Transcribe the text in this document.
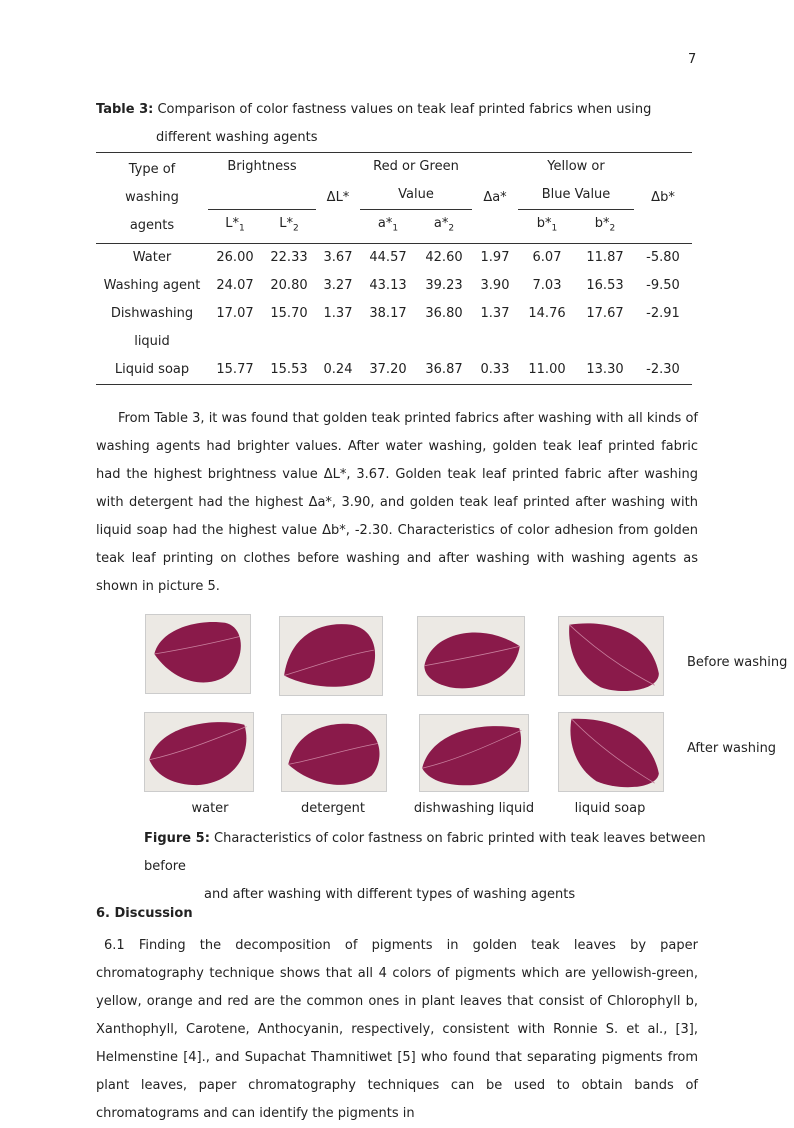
7
Table 3: Comparison of color fastness values on teak leaf printed fabrics when using
different washing agents
Type of
washing
agents	Brightness		ΔL*	Red or Green		Δa*	Yellow or		Δb*
				Value			Blue Value		
	$L*_1$	$L*_2$		$a*_1$	$a*_2$		$b*_1$	$b*_2$
Water	26.00	22.33	3.67	44.57	42.60	1.97	6.07	11.87	-5.80
Washing agent	24.07	20.80	3.27	43.13	39.23	3.90	7.03	16.53	-9.50
Dishwashing	17.07	15.70	1.37	38.17	36.80	1.37	14.76	17.67	-2.91
liquid									
Liquid soap	15.77	15.53	0.24	37.20	36.87	0.33	11.00	13.30	-2.30
From Table 3, it was found that golden teak printed fabrics after washing with all kinds of washing agents had brighter values. After water washing, golden teak leaf printed fabric had the highest brightness value ΔL*, 3.67. Golden teak leaf printed fabric after washing with detergent had the highest Δa*, 3.90, and golden teak leaf printed after washing with liquid soap had the highest value Δb*, -2.30. Characteristics of color adhesion from golden teak leaf printing on clothes before washing and after washing with washing agents as shown in picture 5.
Before washing
After washing
water	detergent	dishwashing liquid	liquid soap
Figure 5: Characteristics of color fastness on fabric printed with teak leaves between before
and after washing with different types of washing agents
6. Discussion
6.1 Finding the decomposition of pigments in golden teak leaves by paper chromatography technique shows that all 4 colors of pigments which are yellowish-green, yellow, orange and red are the common ones in plant leaves that consist of Chlorophyll b, Xanthophyll, Carotene, Anthocyanin, respectively, consistent with Ronnie S. et al., [3], Helmenstine [4]., and Supachat Thamnitiwet [5] who found that separating pigments from plant leaves, paper chromatography techniques can be used to obtain bands of chromatograms and can identify the pigments in
